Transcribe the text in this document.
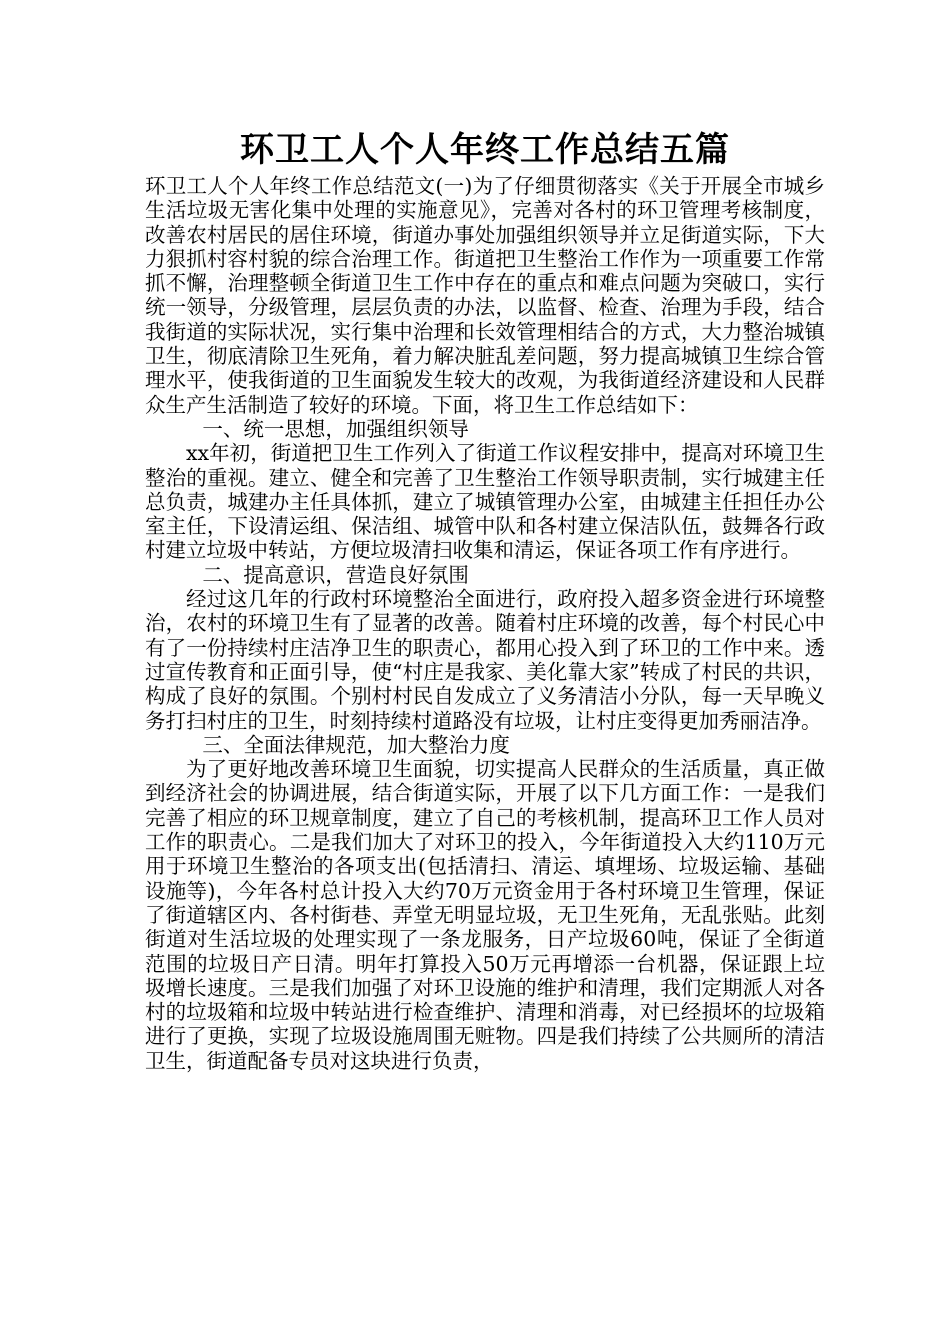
环卫工人个人年终工作总结五篇

环卫工人个人年终工作总结范文(一)为了仔细贯彻落实《关于开展全市城乡生活垃圾无害化集中处理的实施意见》，完善对各村的环卫管理考核制度，改善农村居民的居住环境，街道办事处加强组织领导并立足街道实际，下大力狠抓村容村貌的综合治理工作。街道把卫生整治工作作为一项重要工作常抓不懈，治理整顿全街道卫生工作中存在的重点和难点问题为突破口，实行统一领导，分级管理，层层负责的办法，以监督、检查、治理为手段，结合我街道的实际状况，实行集中治理和长效管理相结合的方式，大力整治城镇卫生，彻底清除卫生死角，着力解决脏乱差问题，努力提高城镇卫生综合管理水平，使我街道的卫生面貌发生较大的改观，为我街道经济建设和人民群众生产生活制造了较好的环境。下面，将卫生工作总结如下：

一、统一思想，加强组织领导

xx年初，街道把卫生工作列入了街道工作议程安排中，提高对环境卫生整治的重视。建立、健全和完善了卫生整治工作领导职责制，实行城建主任总负责，城建办主任具体抓，建立了城镇管理办公室，由城建主任担任办公室主任，下设清运组、保洁组、城管中队和各村建立保洁队伍，鼓舞各行政村建立垃圾中转站，方便垃圾清扫收集和清运，保证各项工作有序进行。

二、提高意识，营造良好氛围

经过这几年的行政村环境整治全面进行，政府投入超多资金进行环境整治，农村的环境卫生有了显著的改善。随着村庄环境的改善，每个村民心中有了一份持续村庄洁净卫生的职责心，都用心投入到了环卫的工作中来。透过宣传教育和正面引导，使“村庄是我家、美化靠大家”转成了村民的共识，构成了良好的氛围。个别村村民自发成立了义务清洁小分队，每一天早晚义务打扫村庄的卫生，时刻持续村道路没有垃圾，让村庄变得更加秀丽洁净。

三、全面法律规范，加大整治力度

为了更好地改善环境卫生面貌，切实提高人民群众的生活质量，真正做到经济社会的协调进展，结合街道实际，开展了以下几方面工作：一是我们完善了相应的环卫规章制度，建立了自己的考核机制，提高环卫工作人员对工作的职责心。二是我们加大了对环卫的投入，今年街道投入大约110万元用于环境卫生整治的各项支出(包括清扫、清运、填埋场、垃圾运输、基础设施等)，今年各村总计投入大约70万元资金用于各村环境卫生管理，保证了街道辖区内、各村街巷、弄堂无明显垃圾，无卫生死角，无乱张贴。此刻街道对生活垃圾的处理实现了一条龙服务，日产垃圾60吨，保证了全街道范围的垃圾日产日清。明年打算投入50万元再增添一台机器，保证跟上垃圾增长速度。三是我们加强了对环卫设施的维护和清理，我们定期派人对各村的垃圾箱和垃圾中转站进行检查维护、清理和消毒，对已经损坏的垃圾箱进行了更换，实现了垃圾设施周围无赃物。四是我们持续了公共厕所的清洁卫生，街道配备专员对这块进行负责，
